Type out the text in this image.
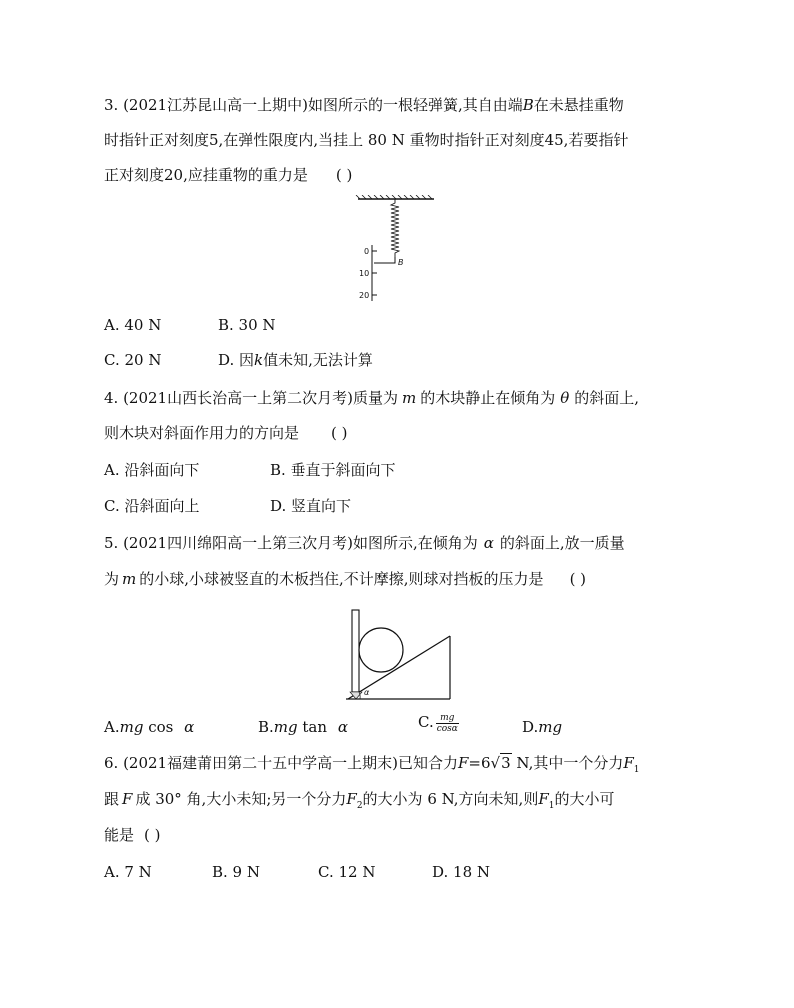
3. (2021江苏昆山高一上期中)如图所示的一根轻弹簧,其自由端B在未悬挂重物
时指针正对刻度5,在弹性限度内,当挂上 80 N 重物时指针正对刻度45,若要指针
正对刻度20,应挂重物的重力是 ( )
B
0
10
20
A. 40 N	B. 30 N
C. 20 N	D. 因k值未知,无法计算
4. (2021山西长治高一上第二次月考)质量为 m 的木块静止在倾角为 θ 的斜面上,
则木块对斜面作用力的方向是 ( )
A. 沿斜面向下	B. 垂直于斜面向下
C. 沿斜面向上	D. 竖直向下
5. (2021四川绵阳高一上第三次月考)如图所示,在倾角为 α 的斜面上,放一质量
为 m 的小球,小球被竖直的木板挡住,不计摩擦,则球对挡板的压力是 ( )
α
A.mg cos α	B.mg tan α	C. $\frac{mg}{\cos\alpha}$	D.mg
6. (2021福建莆田第二十五中学高一上期末)已知合力F=6√3 N,其中一个分力$F_1$
跟 F 成 30° 角,大小未知;另一个分力$F_2$的大小为 6 N,方向未知,则$F_1$的大小可
能是 ( )
A. 7 N	B. 9 N	C. 12 N	D. 18 N
